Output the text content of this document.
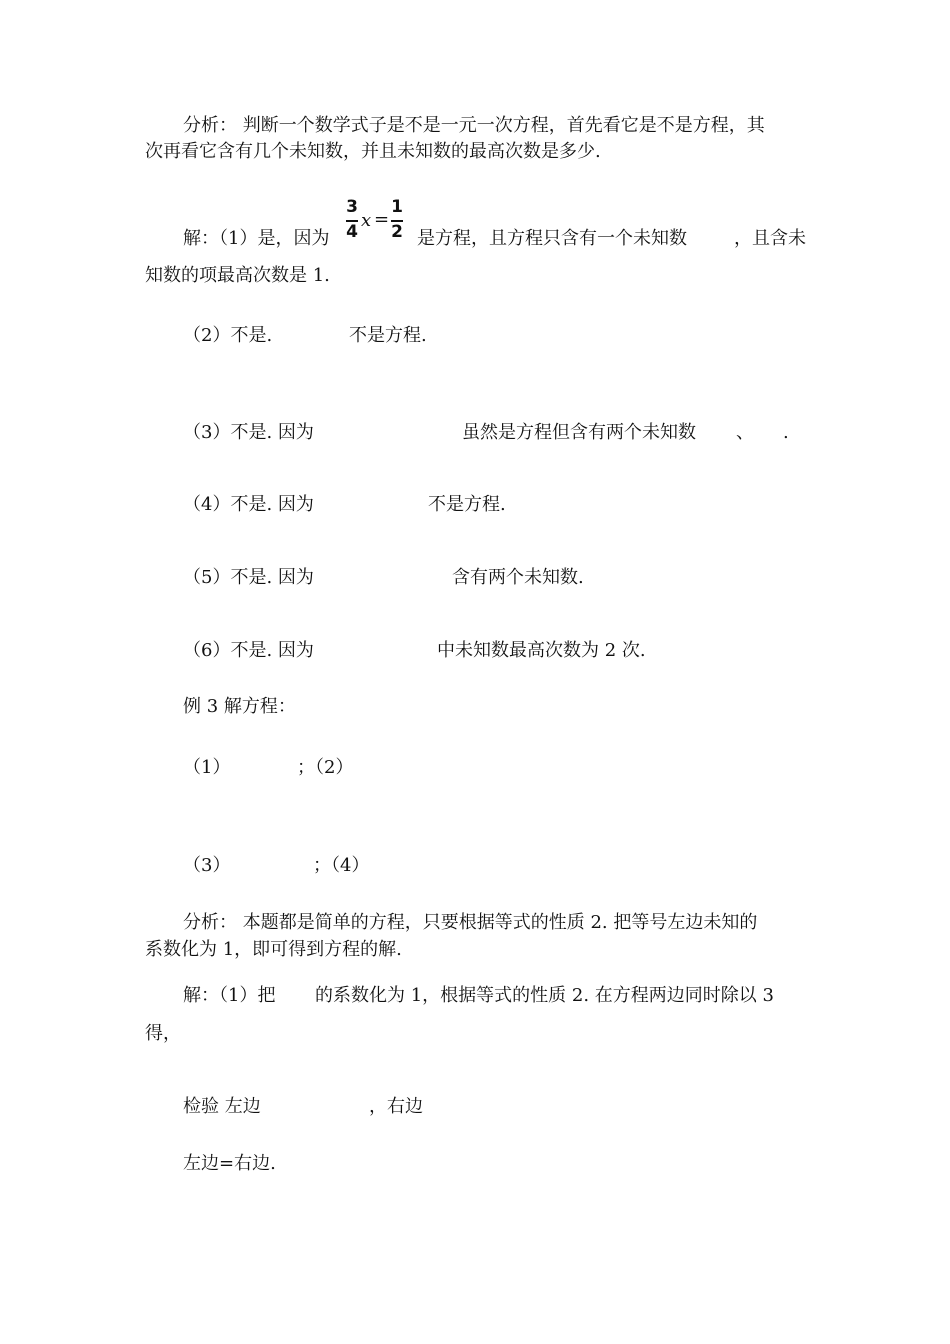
分析： 判断一个数学式子是不是一元一次方程，首先看它是不是方程，其
次再看它含有几个未知数，并且未知数的最高次数是多少.
解：（1）是，因为
3
4
x =
1
2 是方程，且方程只含有一个未知数	，且含未
知数的项最高次数是 1.
（2）不是.	不是方程.
（3）不是. 因为	虽然是方程但含有两个未知数 、 .
（4）不是. 因为	不是方程.
（5）不是. 因为	含有两个未知数.
（6）不是. 因为	中未知数最高次数为 2 次.
例 3 解方程：
（1）	；（2）
（3）	；（4）
分析： 本题都是简单的方程，只要根据等式的性质 2. 把等号左边未知的
系数化为 1，即可得到方程的解.
解：（1）把 的系数化为 1，根据等式的性质 2. 在方程两边同时除以 3
得，
检验 左边	，右边
左边=右边.
